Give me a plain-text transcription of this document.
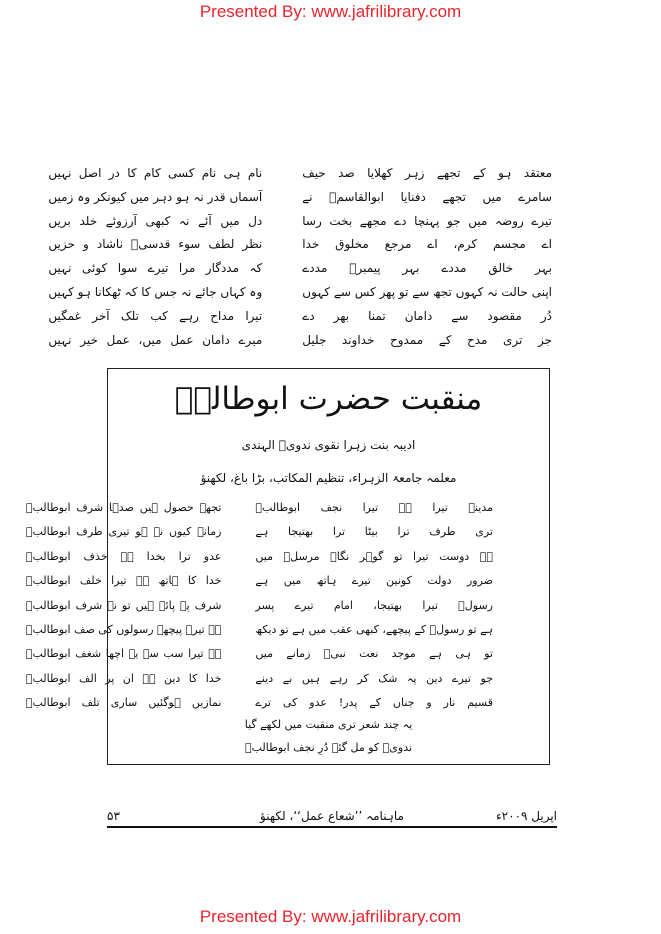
Presented By: www.jafrilibrary.com
معتقد ہو کے تجھے زہر کھلایا صد حیف
نام ہی نام کسی کام کا در اصل نہیں
سامرے میں تجھے دفنایا ابوالقاسمؑ نے
آسماں قدر نہ ہو دہر میں کیونکر وہ زمیں
تیرے روضہ میں جو پہنچا دے مجھے بخت رسا
دل میں آئے نہ کبھی آرزوئے خلد بریں
اے مجسم کرم، اے مرجع مخلوق خدا
نظر لطف سوء قدسیؔ ناشاد و حزیں
بہر خالق مددے بہر پیمبرؐ مددے
کہ مددگار مرا تیرے سوا کوئی نہیں
اپنی حالت نہ کہوں تجھ سے تو پھر کس سے کہوں
وہ کہاں جائے نہ جس کا کہ ٹھکانا ہو کہیں
دُر مقصود سے دامان تمنا بھر دے
تیرا مداح رہے کب تلک آخر غمگیں
جز تری مدح کے ممدوح خداوند جلیل
میرے دامان عمل میں، عمل خیر نہیں
منقبت حضرت ابوطالبؑ
ادیبہ بنت زہرا نقوی ندویؔ الہندی
معلمہ جامعۃ الزہراء، تنظیم المکاتب، بڑا باغ، لکھنؤ
مدینہ تیرا ہے تیرا نجف ابوطالبؑ
تجھے حصول ہیں صدہا شرف ابوطالبؑ
تری طرف ترا بیٹا ترا بھتیجا ہے
زمانہ کیوں نہ ہو تیری طرف ابوطالبؑ
ہے دوست تیرا تو گوہر نگاہ مرسلؐ میں
عدو ترا بخدا ہے خذف ابوطالبؑ
ضرور دولت کونین تیرے ہاتھ میں ہے
خدا کا ہاتھ ہے تیرا خلف ابوطالبؑ
رسولؐ تیرا بھتیجا، امام تیرے پسر
شرف پہ پائے ہیں تو نے شرف ابوطالبؑ
ہے تو رسولؐ کے پیچھے، کبھی عقب میں ہے تو دیکھ
ہے تیرے پیچھے رسولوں کی صف ابوطالبؑ
تو ہی ہے موجد نعت نبیؐ زمانے میں
ہے تیرا سب سے یہ اچھا شغف ابوطالبؑ
جو تیرے دین پہ شک کر رہے ہیں بے دینے
خدا کا دین ہے ان پر الف ابوطالبؑ
قسیم نار و جناں کے پدر! عدو کی ترے
نمازیں ہوگئیں ساری تلف ابوطالبؑ
یہ چند شعر تری منقبت میں لکھے گیا
ندویؔ کو مل گئے دُرِ نجف ابوطالبؑ
۵۳	ماہنامہ ’’شعاع عمل‘‘، لکھنؤ	اپریل ۲۰۰۹ء
Presented By: www.jafrilibrary.com
